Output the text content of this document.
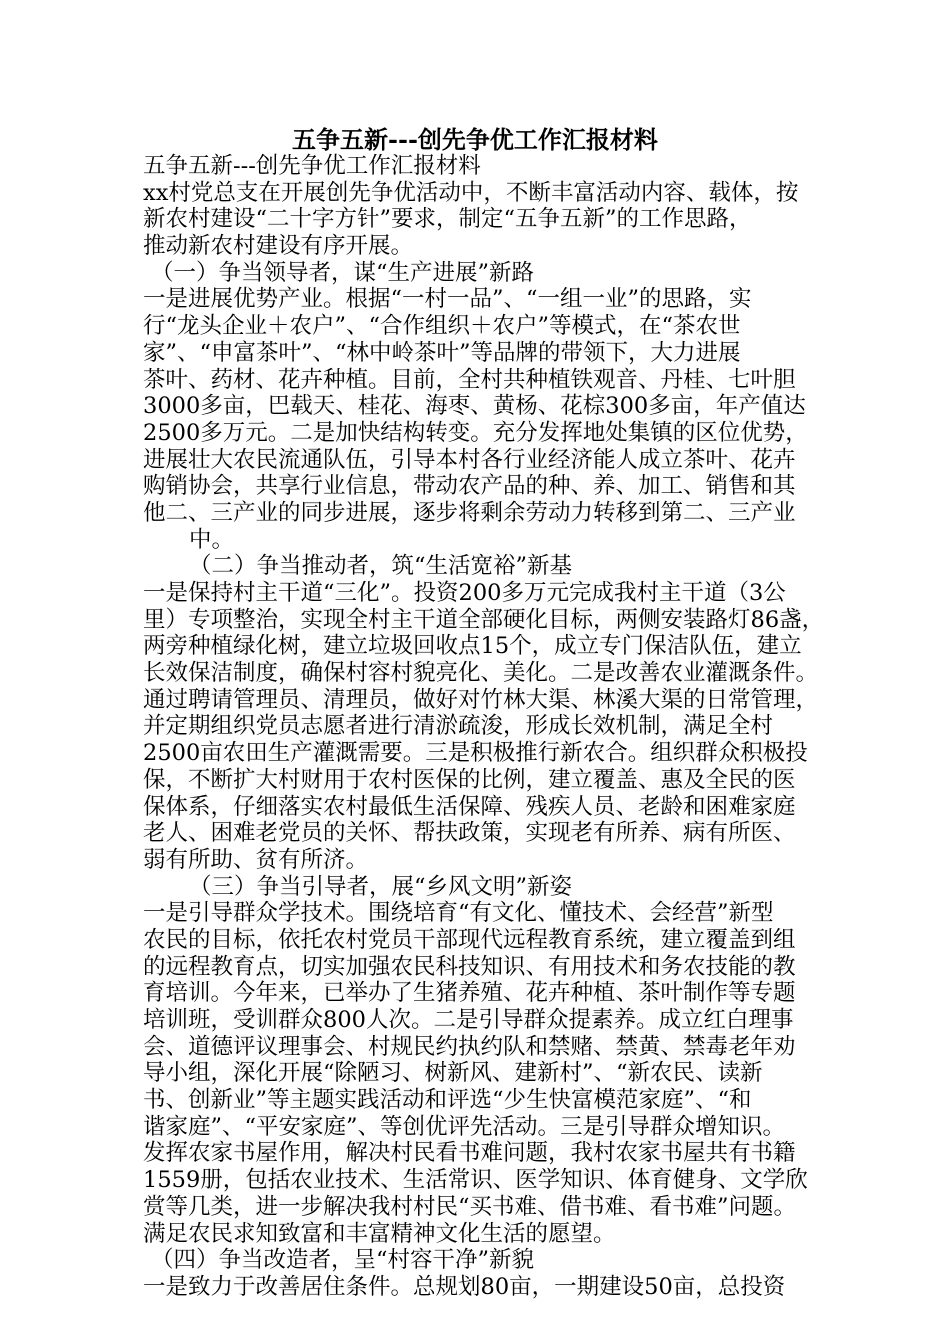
五争五新---创先争优工作汇报材料
五争五新---创先争优工作汇报材料
xx村党总支在开展创先争优活动中，不断丰富活动内容、载体，按
新农村建设“二十字方针”要求，制定“五争五新”的工作思路，
推动新农村建设有序开展。
（一）争当领导者，谋“生产进展”新路
一是进展优势产业。根据“一村一品”、“一组一业”的思路，实
行“龙头企业＋农户”、“合作组织＋农户”等模式，在“茶农世
家”、“申富茶叶”、“林中岭茶叶”等品牌的带领下，大力进展
茶叶、药材、花卉种植。目前，全村共种植铁观音、丹桂、七叶胆
3000多亩，巴载天、桂花、海枣、黄杨、花棕300多亩，年产值达
2500多万元。二是加快结构转变。充分发挥地处集镇的区位优势，
进展壮大农民流通队伍，引导本村各行业经济能人成立茶叶、花卉
购销协会，共享行业信息，带动农产品的种、养、加工、销售和其
他二、三产业的同步进展，逐步将剩余劳动力转移到第二、三产业
中。
（二）争当推动者，筑“生活宽裕”新基
一是保持村主干道“三化”。投资200多万元完成我村主干道（3公
里）专项整治，实现全村主干道全部硬化目标，两侧安装路灯86盏，
两旁种植绿化树，建立垃圾回收点15个，成立专门保洁队伍，建立
长效保洁制度，确保村容村貌亮化、美化。二是改善农业灌溉条件。
通过聘请管理员、清理员，做好对竹林大渠、林溪大渠的日常管理，
并定期组织党员志愿者进行清淤疏浚，形成长效机制，满足全村
2500亩农田生产灌溉需要。三是积极推行新农合。组织群众积极投
保，不断扩大村财用于农村医保的比例，建立覆盖、惠及全民的医
保体系，仔细落实农村最低生活保障、残疾人员、老龄和困难家庭
老人、困难老党员的关怀、帮扶政策，实现老有所养、病有所医、
弱有所助、贫有所济。
（三）争当引导者，展“乡风文明”新姿
一是引导群众学技术。围绕培育“有文化、懂技术、会经营”新型
农民的目标，依托农村党员干部现代远程教育系统，建立覆盖到组
的远程教育点，切实加强农民科技知识、有用技术和务农技能的教
育培训。今年来，已举办了生猪养殖、花卉种植、茶叶制作等专题
培训班，受训群众800人次。二是引导群众提素养。成立红白理事
会、道德评议理事会、村规民约执约队和禁赌、禁黄、禁毒老年劝
导小组，深化开展“除陋习、树新风、建新村”、“新农民、读新
书、创新业”等主题实践活动和评选“少生快富模范家庭”、“和
谐家庭”、“平安家庭”、等创优评先活动。三是引导群众增知识。
发挥农家书屋作用，解决村民看书难问题，我村农家书屋共有书籍
1559册，包括农业技术、生活常识、医学知识、体育健身、文学欣
赏等几类，进一步解决我村村民“买书难、借书难、看书难”问题。
满足农民求知致富和丰富精神文化生活的愿望。
（四）争当改造者，呈“村容干净”新貌
一是致力于改善居住条件。总规划80亩，一期建设50亩，总投资
